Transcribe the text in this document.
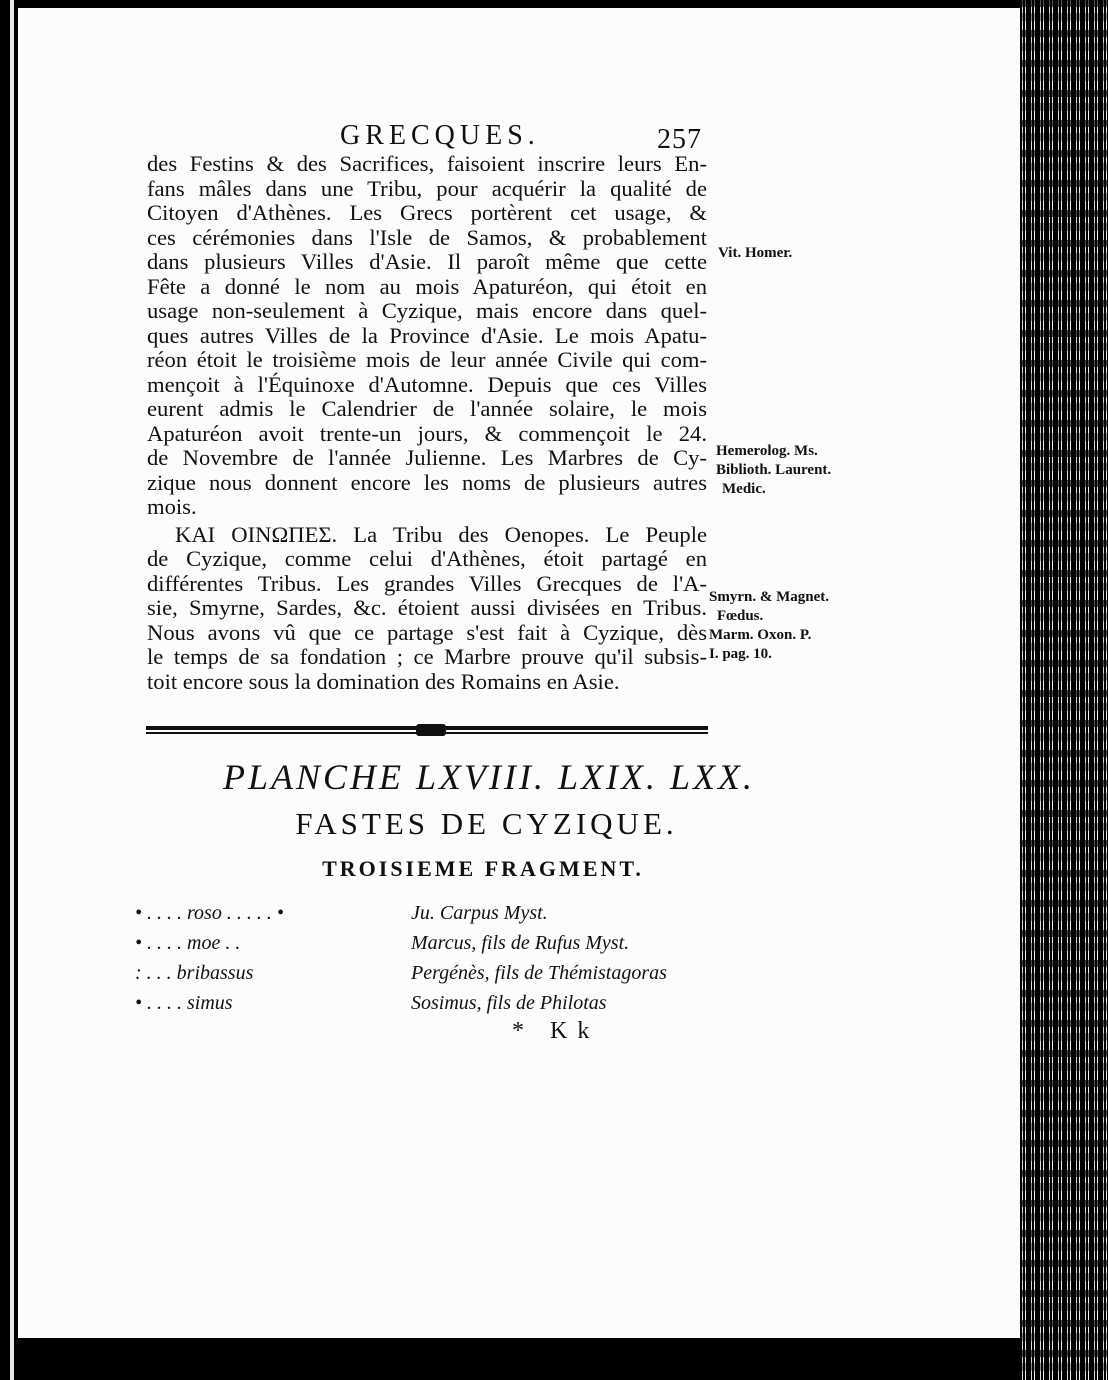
GRECQUES.	257

des Festins & des Sacrifices, faisoient inscrire leurs En-
fans mâles dans une Tribu, pour acquérir la qualité de
Citoyen d'Athènes. Les Grecs portèrent cet usage, &
ces cérémonies dans l'Isle de Samos, & probablement
dans plusieurs Villes d'Asie. Il paroît même que cette
Fête a donné le nom au mois Apaturéon, qui étoit en
usage non-seulement à Cyzique, mais encore dans quel-
ques autres Villes de la Province d'Asie. Le mois Apatu-
réon étoit le troisième mois de leur année Civile qui com-
mençoit à l'Équinoxe d'Automne. Depuis que ces Villes
eurent admis le Calendrier de l'année solaire, le mois
Apaturéon avoit trente-un jours, & commençoit le 24.
de Novembre de l'année Julienne. Les Marbres de Cy-
zique nous donnent encore les noms de plusieurs autres
mois.

ΚΑΙ ΟΙΝΩΠΕΣ. La Tribu des Oenopes. Le Peuple
de Cyzique, comme celui d'Athènes, étoit partagé en
différentes Tribus. Les grandes Villes Grecques de l'A-
sie, Smyrne, Sardes, &c. étoient aussi divisées en Tribus.
Nous avons vû que ce partage s'est fait à Cyzique, dès
le temps de sa fondation ; ce Marbre prouve qu'il subsis-
toit encore sous la domination des Romains en Asie.

Vit. Homer.
Hemerolog. Ms.
Biblioth. Laurent.
Medic.
Smyrn. & Magnet.
Fœdus.
Marm. Oxon. P.
I. pag. 10.
PLANCHE LXVIII. LXIX. LXX.
FASTES DE CYZIQUE.
TROISIEME FRAGMENT.
• . . . . roso . . . . . •	Ju. Carpus Myst.
• . . . . moe . .	Marcus, fils de Rufus Myst.
: . . . bribassus	Pergénès, fils de Thémistagoras
• . . . . simus	Sosimus, fils de Philotas
* Kk
